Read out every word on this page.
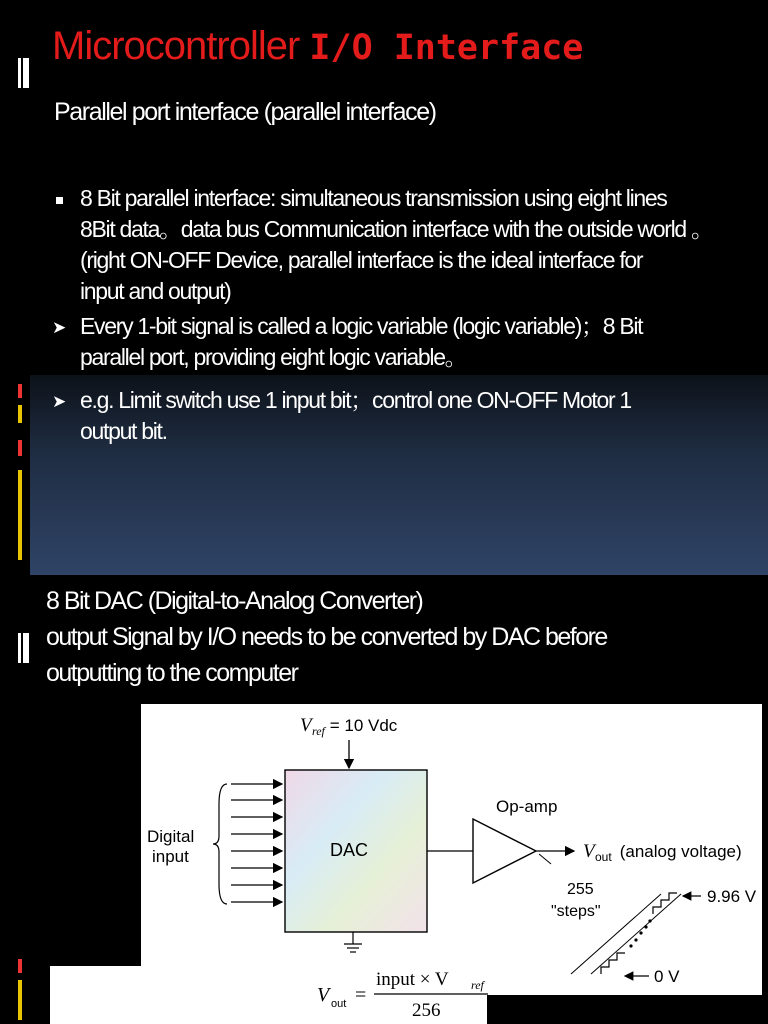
Microcontroller I/O Interface
Parallel port interface (parallel interface)
8 Bit parallel interface: simultaneous transmission using eight lines
8Bit data。data bus Communication interface with the outside world 。
(right ON-OFF Device, parallel interface is the ideal interface for
input and output)
➤ Every 1-bit signal is called a logic variable (logic variable)；8 Bit
parallel port, providing eight logic variable。
➤ e.g. Limit switch use 1 input bit；control one ON-OFF Motor 1
output bit.
8 Bit DAC (Digital-to-Analog Converter)
output Signal by I/O needs to be converted by DAC before
outputting to the computer
V ref = 10 Vdc
DAC
Digital
input
Op-amp
V out (analog voltage)
255
"steps"
9.96 V
0 V
V out =
input × V ref
256
